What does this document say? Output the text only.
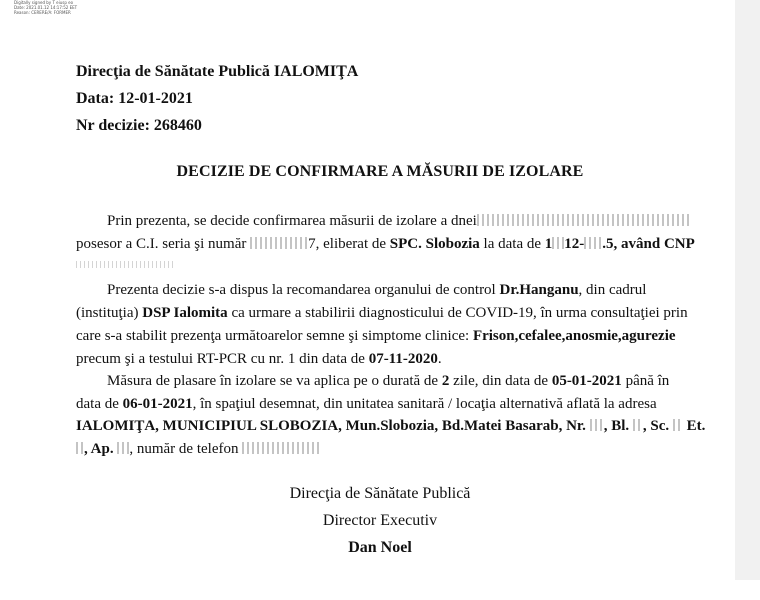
Digitally signed by T eiusp eo
Date: 2021.01.12 14:17:52 EET
Reason: CERERE/A: FORMER
Direcţia de Sănătate Publică IALOMIŢA
Data: 12-01-2021
Nr decizie: 268460
DECIZIE DE CONFIRMARE A MĂSURII DE IZOLARE
Prin prezenta, se decide confirmarea măsurii de izolare a dnei
posesor a C.I. seria şi număr	7, eliberat de SPC. Slobozia la data de 1 12- .5, având CNP
Prezenta decizie s-a dispus la recomandarea organului de control Dr.Hanganu, din cadrul
(instituţia) DSP Ialomita ca urmare a stabilirii diagnosticului de COVID-19, în urma consultaţiei prin
care s-a stabilit prezenţa următoarelor semne şi simptome clinice: Frison,cefalee,anosmie,agurezie
precum şi a testului RT-PCR cu nr. 1 din data de 07-11-2020.
Măsura de plasare în izolare se va aplica pe o durată de 2 zile, din data de 05-01-2021 până în
data de 06-01-2021, în spaţiul desemnat, din unitatea sanitară / locaţia alternativă aflată la adresa
IALOMIŢA, MUNICIPIUL SLOBOZIA, Mun.Slobozia, Bd.Matei Basarab, Nr. , Bl. , Sc. Et.
, Ap. , număr de telefon
Direcţia de Sănătate Publică
Director Executiv
Dan Noel
